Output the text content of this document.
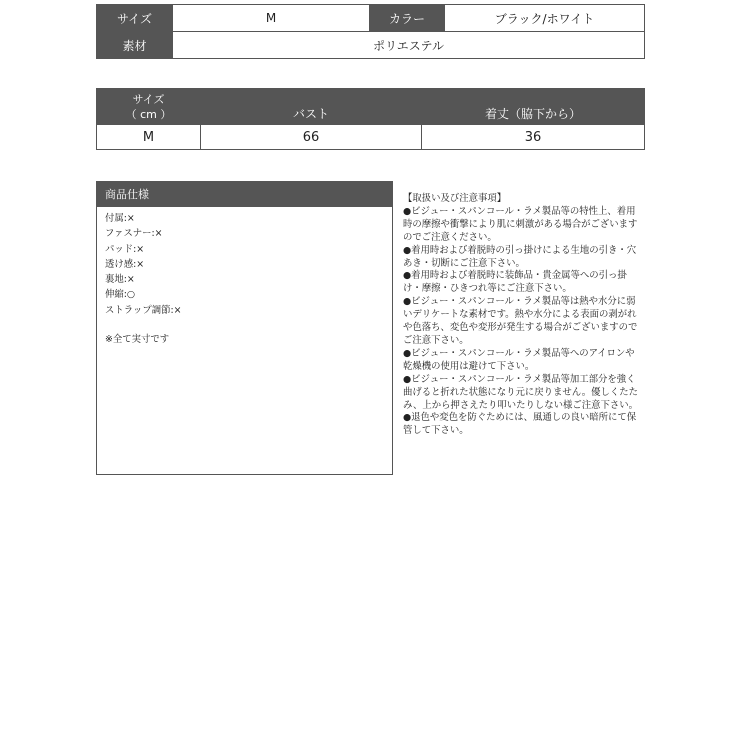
サイズ	M	カラー	ブラック/ホワイト
素材	ポリエステル		
サイズ
（ cm ）	バスト	着丈（脇下から）
M	66	36
商品仕様
付属:×
ファスナー:×
パッド:×
透け感:×
裏地:×
伸縮:○
ストラップ調節:×
※全て実寸です
【取扱い及び注意事項】
●ビジュー・スパンコール・ラメ製品等の特性上、着用時の摩擦や衝撃により肌に刺激がある場合がございますのでご注意ください。
●着用時および着脱時の引っ掛けによる生地の引き・穴あき・切断にご注意下さい。
●着用時および着脱時に装飾品・貴金属等への引っ掛け・摩擦・ひきつれ等にご注意下さい。
●ビジュー・スパンコール・ラメ製品等は熱や水分に弱いデリケートな素材です。熱や水分による表面の剥がれや色落ち、変色や変形が発生する場合がございますのでご注意下さい。
●ビジュー・スパンコール・ラメ製品等へのアイロンや乾燥機の使用は避けて下さい。
●ビジュー・スパンコール・ラメ製品等加工部分を強く曲げると折れた状態になり元に戻りません。優しくたたみ、上から押さえたり叩いたりしない様ご注意下さい。
●退色や変色を防ぐためには、風通しの良い暗所にて保管して下さい。
